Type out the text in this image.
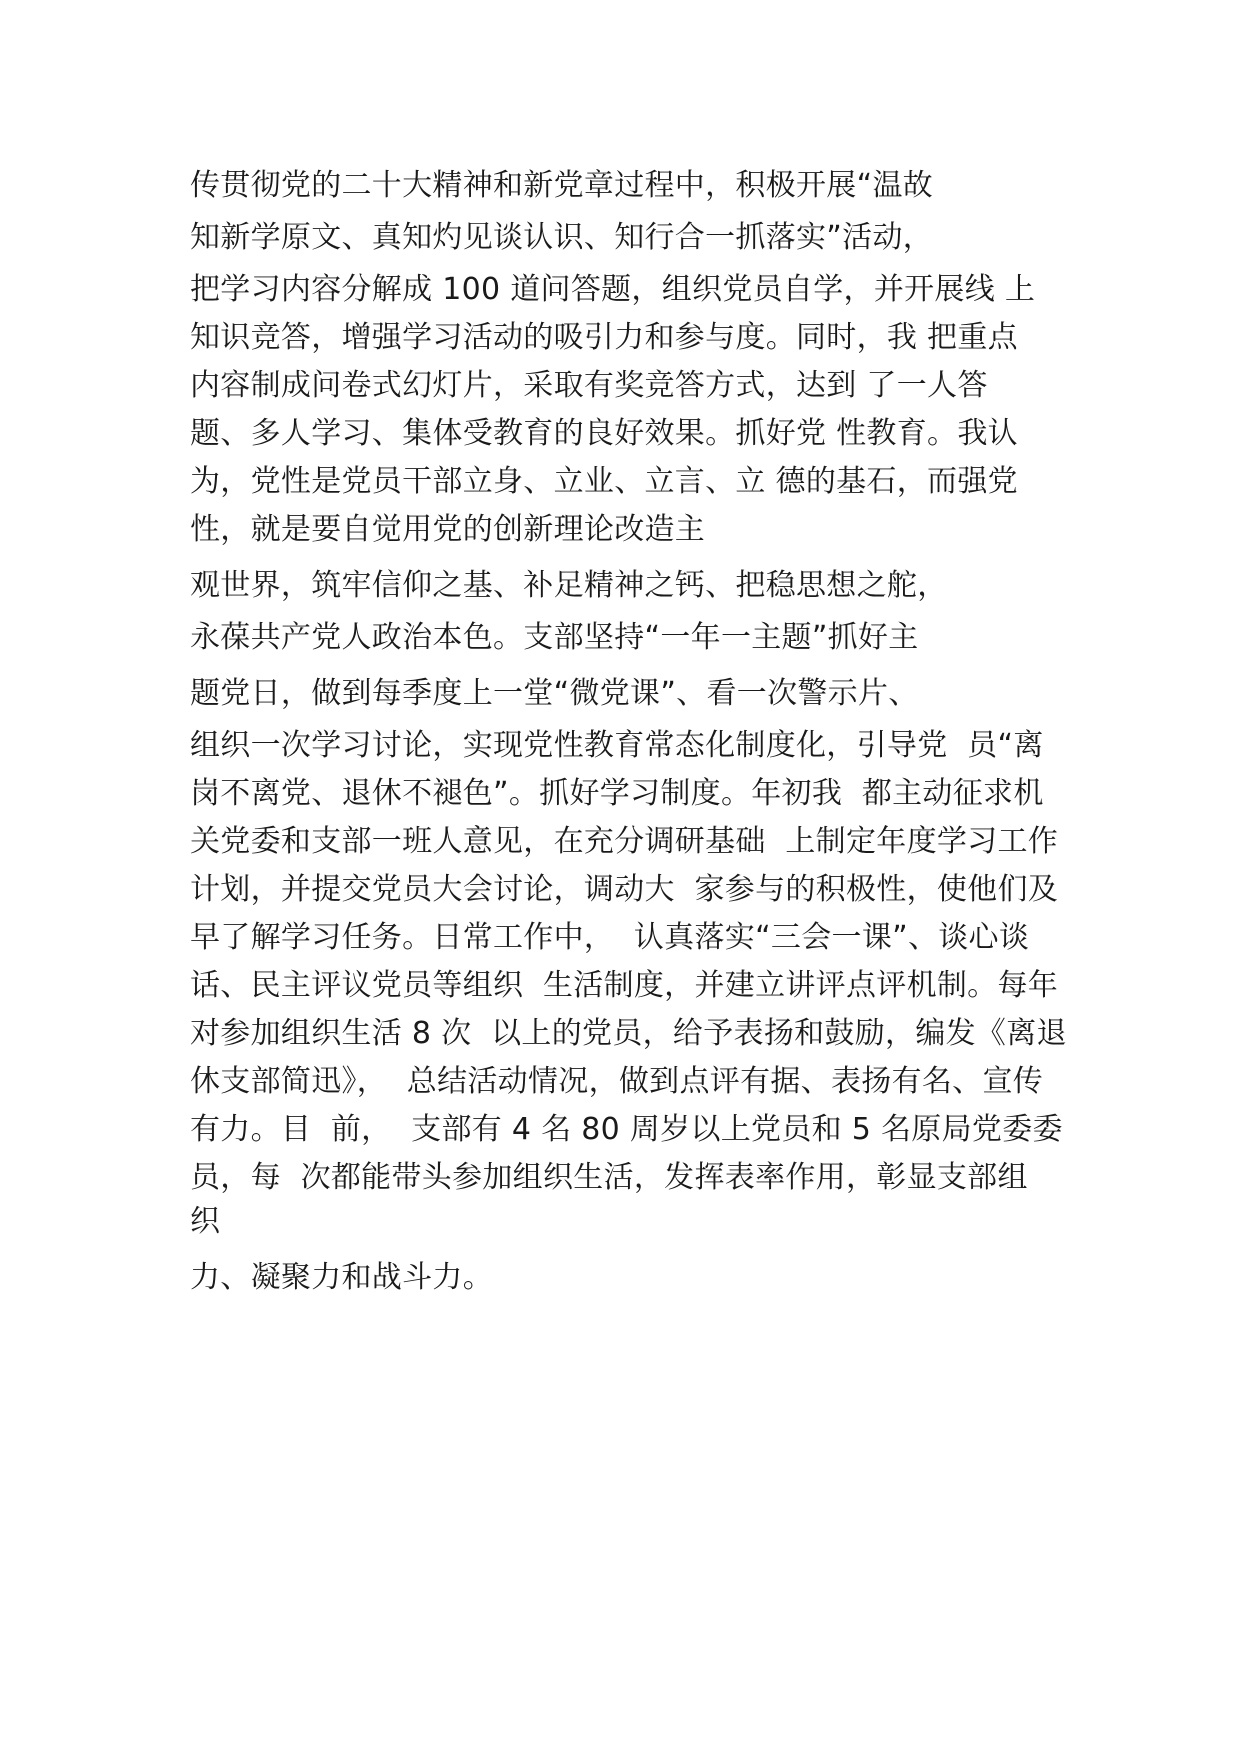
传贯彻党的二十大精神和新党章过程中，积极开展“温故

知新学原文、真知灼见谈认识、知行合一抓落实”活动，

把学习内容分解成 100 道问答题，组织党员自学，并开展线 上

知识竞答，增强学习活动的吸引力和参与度。同时，我 把重点

内容制成问卷式幻灯片，采取有奖竞答方式，达到 了一人答

题、多人学习、集体受教育的良好效果。抓好党 性教育。我认

为，党性是党员干部立身、立业、立言、立 德的基石，而强党

性，就是要自觉用党的创新理论改造主

观世界，筑牢信仰之基、补足精神之钙、把稳思想之舵，

永葆共产党人政治本色。支部坚持“一年一主题”抓好主

题党日，做到每季度上一堂“微党课”、看一次警示片、

组织一次学习讨论，实现党性教育常态化制度化，引导党  员“离

岗不离党、退休不褪色”。抓好学习制度。年初我  都主动征求机

关党委和支部一班人意见，在充分调研基础  上制定年度学习工作

计划，并提交党员大会讨论，调动大  家参与的积极性，使他们及

早了解学习任务。日常工作中，  认真落实“三会一课”、谈心谈

话、民主评议党员等组织  生活制度，并建立讲评点评机制。每年

对参加组织生活 8 次  以上的党员，给予表扬和鼓励，编发《离退

休支部简迅》，  总结活动情况，做到点评有据、表扬有名、宣传

有力。目  前，  支部有 4 名 80 周岁以上党员和 5 名原局党委委

员，每  次都能带头参加组织生活，发挥表率作用，彰显支部组

织

力、凝聚力和战斗力。
